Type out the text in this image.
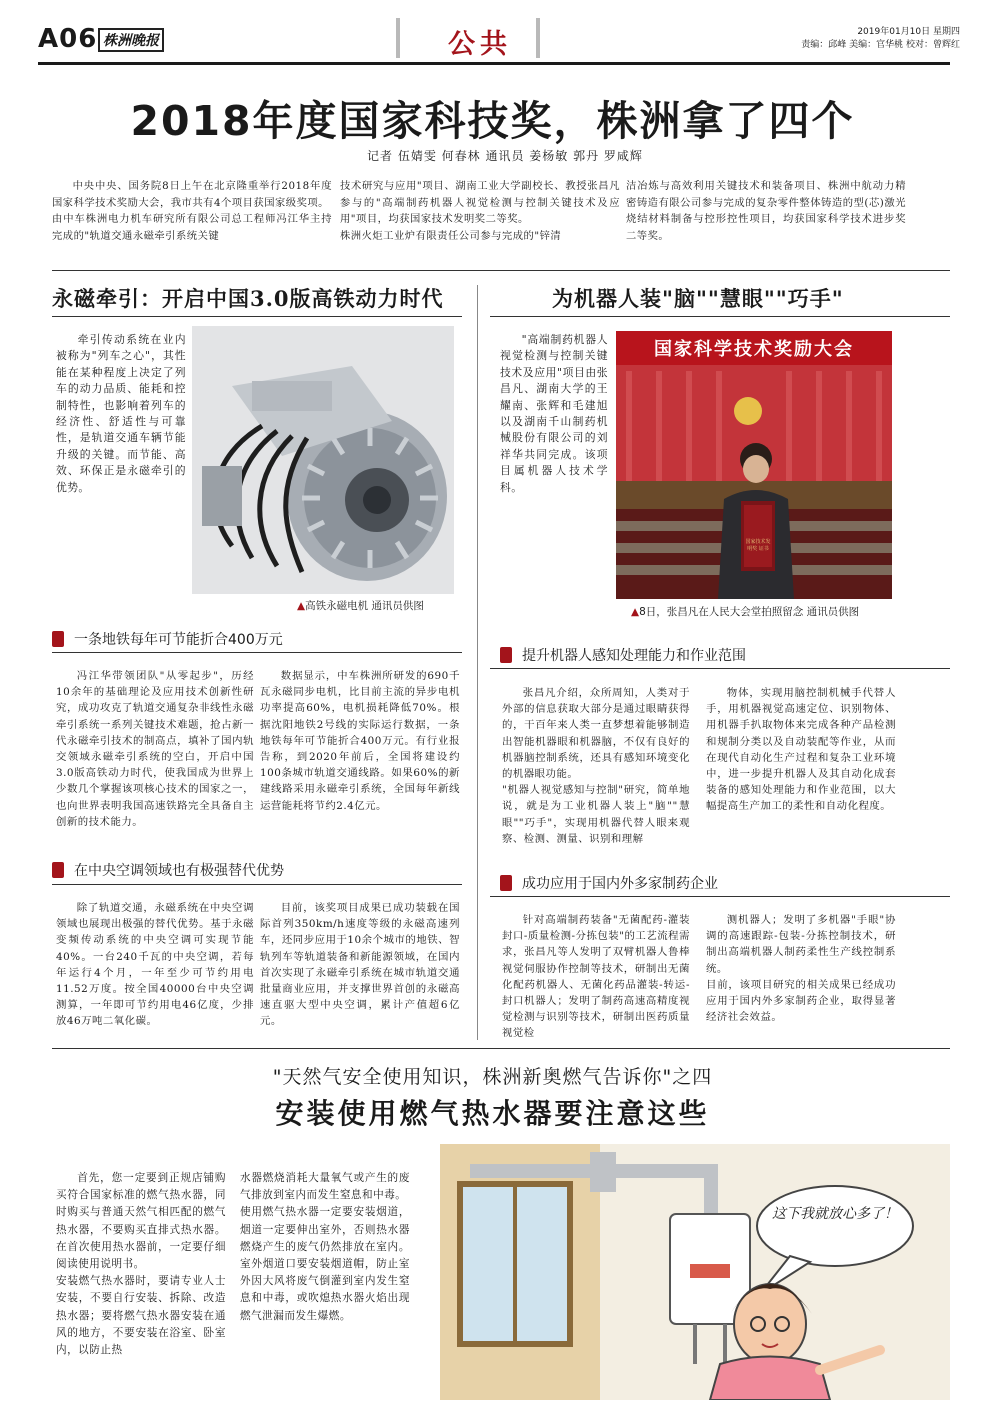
A06 株洲晚报	公共	2019年01月10日 星期四
责编：邱峰 美编：官华桃 校对：曾辉红
2018年度国家科技奖，株洲拿了四个
记者 伍婧雯 何春林 通讯员 姜杨敏 郭丹 罗咸辉
中央中央、国务院8日上午在北京隆重举行2018年度国家科学技术奖励大会，我市共有4个项目获国家级奖项。
由中车株洲电力机车研究所有限公司总工程师冯江华主持完成的"轨道交通永磁牵引系统关键
技术研究与应用"项目、湖南工业大学副校长、教授张昌凡参与的"高端制药机器人视觉检测与控制关键技术及应用"项目，均获国家技术发明奖二等奖。
株洲火炬工业炉有限责任公司参与完成的"锌清
洁冶炼与高效利用关键技术和装备项目、株洲中航动力精密铸造有限公司参与完成的复杂零件整体铸造的型(芯)激光烧结材料制备与控形控性项目，均获国家科学技术进步奖二等奖。
永磁牵引：开启中国3.0版高铁动力时代
牵引传动系统在业内被称为"列车之心"，其性能在某种程度上决定了列车的动力品质、能耗和控制特性，也影响着列车的经济性、舒适性与可靠性，是轨道交通车辆节能升级的关键。而节能、高效、环保正是永磁牵引的优势。
▲高铁永磁电机 通讯员供图
一条地铁每年可节能折合400万元

冯江华带领团队"从零起步"，历经10余年的基础理论及应用技术创新性研究，成功攻克了轨道交通复杂非线性永磁牵引系统一系列关键技术难题，抢占新一代永磁牵引技术的制高点，填补了国内轨交领域永磁牵引系统的空白，开启中国3.0版高铁动力时代，使我国成为世界上少数几个掌握该项核心技术的国家之一，也向世界表明我国高速铁路完全具备自主创新的技术能力。

数据显示，中车株洲所研发的690千瓦永磁同步电机，比目前主流的异步电机功率提高60%，电机损耗降低70%。根据沈阳地铁2号线的实际运行数据，一条地铁每年可节能折合400万元。有行业报告称，到2020年前后，全国将建设约100条城市轨道交通线路。如果60%的新建线路采用永磁牵引系统，全国每年新线运营能耗将节约2.4亿元。

在中央空调领域也有极强替代优势

除了轨道交通，永磁系统在中央空调领域也展现出极强的替代优势。基于永磁变频传动系统的中央空调可实现节能40%。一台240千瓦的中央空调，若每年运行4个月，一年至少可节约用电11.52万度。按全国40000台中央空调测算，一年即可节约用电46亿度，少排放46万吨二氧化碳。

目前，该奖项目成果已成功装载在国际首列350km/h速度等级的永磁高速列车，还同步应用于10余个城市的地铁、智轨列车等轨道装备和新能源领域，在国内首次实现了永磁牵引系统在城市轨道交通批量商业应用，并支撑世界首创的永磁高速直驱大型中央空调，累计产值超6亿元。

为机器人装"脑""慧眼""巧手"
"高端制药机器人视觉检测与控制关键技术及应用"项目由张昌凡、湖南大学的王耀南、张辉和毛建旭以及湖南千山制药机械股份有限公司的刘祥华共同完成。该项目属机器人技术学科。
国家科学技术奖励大会
国家技术发明奖 证书
▲8日，张昌凡在人民大会堂拍照留念 通讯员供图
提升机器人感知处理能力和作业范围

张昌凡介绍，众所周知，人类对于外部的信息获取大部分是通过眼睛获得的，干百年来人类一直梦想着能够制造出智能机器眼和机器脑，不仅有良好的机器脑控制系统，还具有感知环境变化的机器眼功能。
"机器人视觉感知与控制"研究，简单地说，就是为工业机器人装上"脑""慧眼""巧手"，实现用机器代替人眼来观察、检测、测量、识别和理解

物体，实现用脑控制机械手代替人手，用机器视觉高速定位、识别物体、用机器手扒取物体来完成各种产品检测和规制分类以及自动装配等作业，从而在现代自动化生产过程和复杂工业环境中，进一步提升机器人及其自动化成套装备的感知处理能力和作业范围，以大幅提高生产加工的柔性和自动化程度。

成功应用于国内外多家制药企业

针对高端制药装备"无菌配药-灌装封口-质量检测-分拣包装"的工艺流程需求，张昌凡等人发明了双臂机器人鲁棒视觉伺服协作控制等技术，研制出无菌化配药机器人、无菌化药品灌装-转运-封口机器人；发明了制药高速高精度视觉检测与识别等技术，研制出医药质量视觉检

测机器人；发明了多机器"手眼"协调的高速跟踪-包装-分拣控制技术，研制出高端机器人制药柔性生产线控制系统。
目前，该项目研究的相关成果已经成功应用于国内外多家制药企业，取得显著经济社会效益。

"天然气安全使用知识，株洲新奥燃气告诉你"之四
安装使用燃气热水器要注意这些
首先，您一定要到正规店铺购买符合国家标准的燃气热水器，同时购买与普通天然气相匹配的燃气热水器，不要购买直排式热水器。在首次使用热水器前，一定要仔细阅读使用说明书。
安装燃气热水器时，要请专业人士安装，不要自行安装、拆除、改造热水器；要将燃气热水器安装在通风的地方，不要安装在浴室、卧室内，以防止热
水器燃烧消耗大量氧气或产生的废气排放到室内而发生窒息和中毒。
使用燃气热水器一定要安装烟道，烟道一定要伸出室外，否则热水器燃烧产生的废气仍然排放在室内。室外烟道口要安装烟道帽，防止室外因大风将废气倒灌到室内发生窒息和中毒，或吹熄热水器火焰出现燃气泄漏而发生爆燃。
这下我就放心多了！
